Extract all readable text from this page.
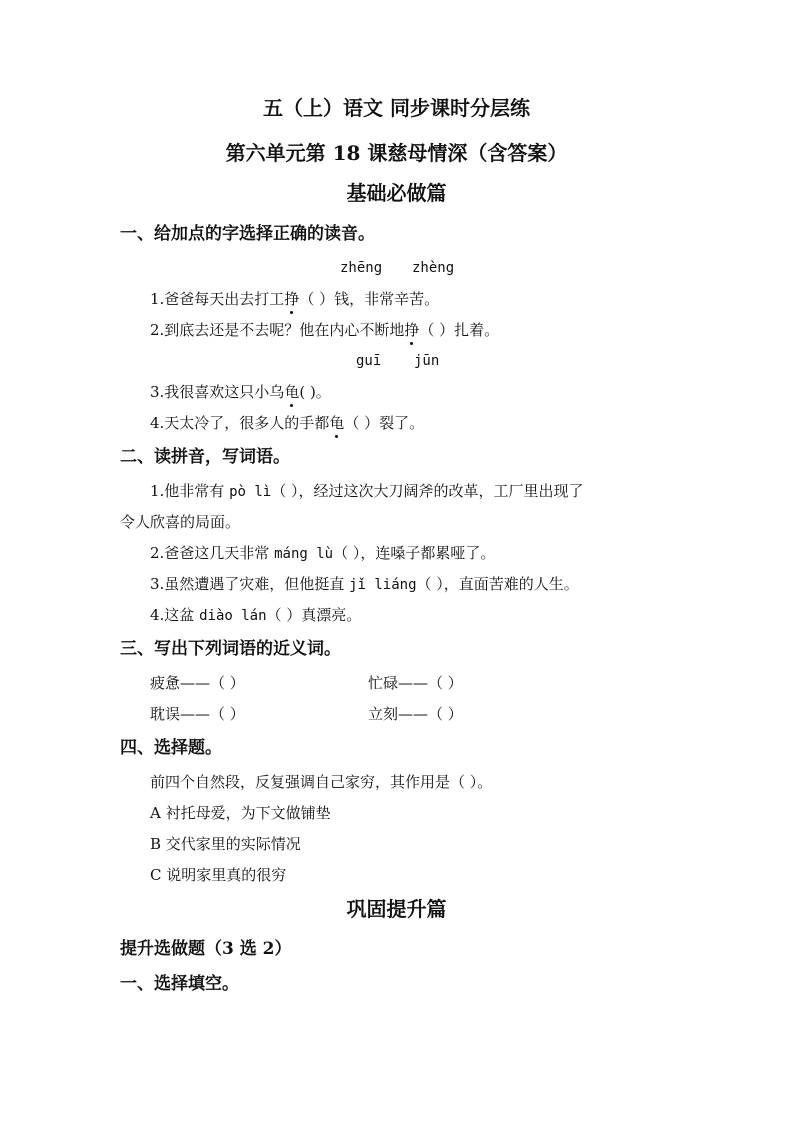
五（上）语文 同步课时分层练
第六单元第 18 课慈母情深（含答案）
基础必做篇
一、给加点的字选择正确的读音。
zhēng zhèng
1.爸爸每天出去打工挣（ ）钱，非常辛苦。
2.到底去还是不去呢？他在内心不断地挣（ ）扎着。
guī jūn
3.我很喜欢这只小乌龟( )。
4.天太冷了，很多人的手都龟（ ）裂了。
二、读拼音，写词语。
1.他非常有 pò lì（ ），经过这次大刀阔斧的改革，工厂里出现了
令人欣喜的局面。
2.爸爸这几天非常 máng lù（ ），连嗓子都累哑了。
3.虽然遭遇了灾难，但他挺直 jǐ liáng（ ），直面苦难的人生。
4.这盆 diào lán（ ）真漂亮。
三、写出下列词语的近义词。
疲惫——（ ）	忙碌——（ ）
耽误——（ ）	立刻——（ ）
四、选择题。
前四个自然段，反复强调自己家穷，其作用是（ ）。
A 衬托母爱，为下文做铺垫
B 交代家里的实际情况
C 说明家里真的很穷
巩固提升篇
提升选做题（3 选 2）
一、选择填空。
